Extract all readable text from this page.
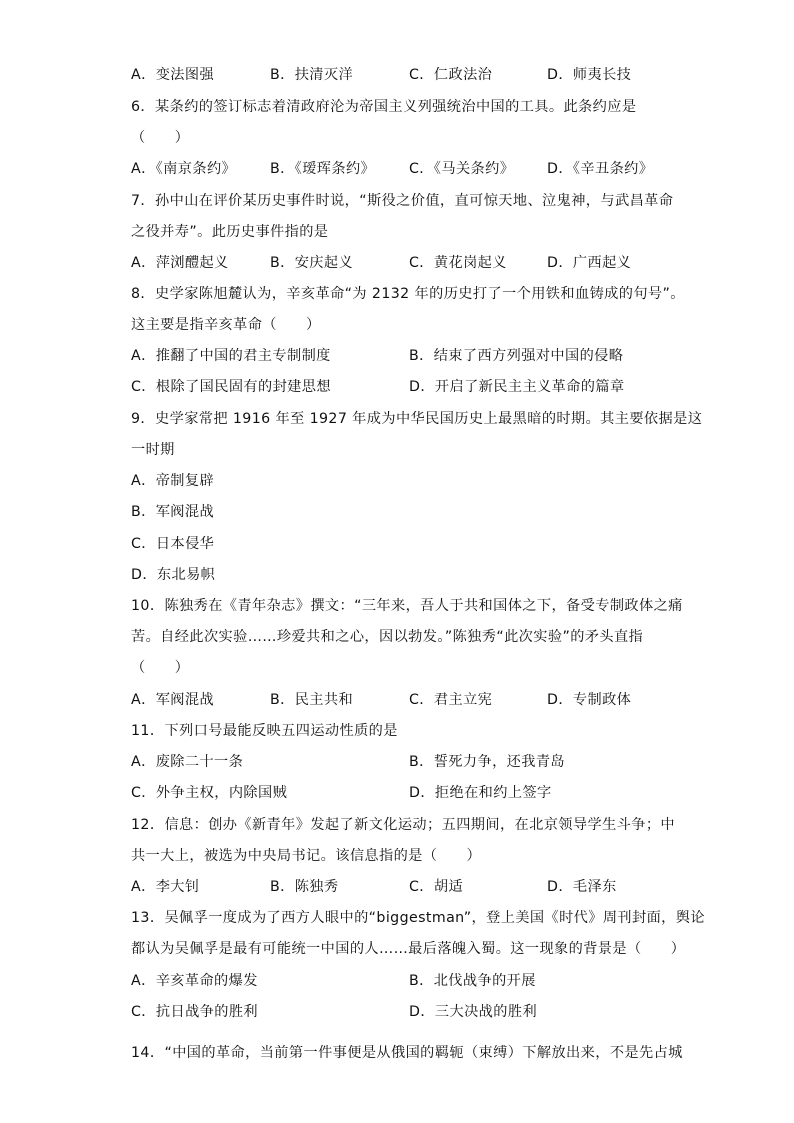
A．变法图强	B．扶清灭洋	C．仁政法治	D．师夷长技
6．某条约的签订标志着清政府沦为帝国主义列强统治中国的工具。此条约应是
（　　）
A．《南京条约》 B．《瑷珲条约》 C．《马关条约》 D．《辛丑条约》
7．孙中山在评价某历史事件时说，“斯役之价值，直可惊天地、泣鬼神，与武昌革命
之役并寿”。此历史事件指的是
A．萍浏醴起义	B．安庆起义	C．黄花岗起义	D．广西起义
8．史学家陈旭麓认为，辛亥革命“为 2132 年的历史打了一个用铁和血铸成的句号”。
这主要是指辛亥革命（　　）
A．推翻了中国的君主专制制度	B．结束了西方列强对中国的侵略
C．根除了国民固有的封建思想	D．开启了新民主主义革命的篇章
9．史学家常把 1916 年至 1927 年成为中华民国历史上最黑暗的时期。其主要依据是这
一时期
A．帝制复辟
B．军阀混战
C．日本侵华
D．东北易帜
10．陈独秀在《青年杂志》撰文：“三年来，吾人于共和国体之下，备受专制政体之痛
苦。自经此次实验……珍爱共和之心，因以勃发。”陈独秀“此次实验”的矛头直指
（　　）
A．军阀混战	B．民主共和	C．君主立宪	D．专制政体
11．下列口号最能反映五四运动性质的是
A．废除二十一条	B．誓死力争，还我青岛
C．外争主权，内除国贼	D．拒绝在和约上签字
12．信息：创办《新青年》发起了新文化运动；五四期间，在北京领导学生斗争；中
共一大上，被选为中央局书记。该信息指的是（　　）
A．李大钊	B．陈独秀	C．胡适	D．毛泽东
13．吴佩孚一度成为了西方人眼中的“biggestman”，登上美国《时代》周刊封面，舆论
都认为吴佩孚是最有可能统一中国的人……最后落魄入蜀。这一现象的背景是（　　）
A．辛亥革命的爆发	B．北伐战争的开展
C．抗日战争的胜利	D．三大决战的胜利
14．“中国的革命，当前第一件事便是从俄国的羁轭（束缚）下解放出来，不是先占城
